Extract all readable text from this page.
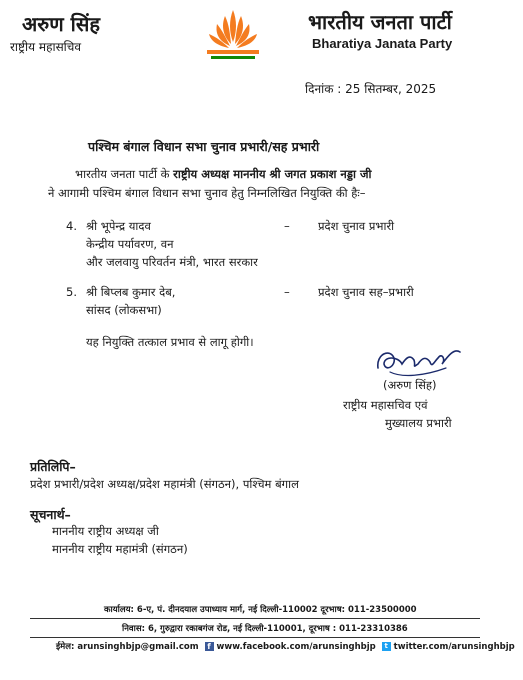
अरुण सिंह
राष्ट्रीय महासचिव
भारतीय जनता पार्टी
Bharatiya Janata Party
दिनांक : 25 सितम्बर, 2025
पश्चिम बंगाल विधान सभा चुनाव प्रभारी/सह प्रभारी
भारतीय जनता पार्टी के राष्ट्रीय अध्यक्ष माननीय श्री जगत प्रकाश नड्डा जी
ने आगामी पश्चिम बंगाल विधान सभा चुनाव हेतु निम्नलिखित नियुक्ति की हैः–
4. श्री भूपेन्द्र यादव
केन्द्रीय पर्यावरण, वन
और जलवायु परिवर्तन मंत्री, भारत सरकार
– प्रदेश चुनाव प्रभारी
5. श्री बिप्लब कुमार देब,
सांसद (लोकसभा)
– प्रदेश चुनाव सह–प्रभारी
यह नियुक्ति तत्काल प्रभाव से लागू होगी।
(अरुण सिंह)
राष्ट्रीय महासचिव एवं
मुख्यालय प्रभारी
प्रतिलिपि–
प्रदेश प्रभारी/प्रदेश अध्यक्ष/प्रदेश महामंत्री (संगठन), पश्चिम बंगाल
सूचनार्थ–
माननीय राष्ट्रीय अध्यक्ष जी
माननीय राष्ट्रीय महामंत्री (संगठन)
कार्यालय: 6-ए, पं. दीनदयाल उपाध्याय मार्ग, नई दिल्ली-110002 दूरभाष: 011-23500000
निवास: 6, गुरुद्वारा रकाबगंज रोड, नई दिल्ली-110001, दूरभाष : 011-23310386
ईमेल: arunsinghbjp@gmail.com f www.facebook.com/arunsinghbjp t twitter.com/arunsinghbjp
